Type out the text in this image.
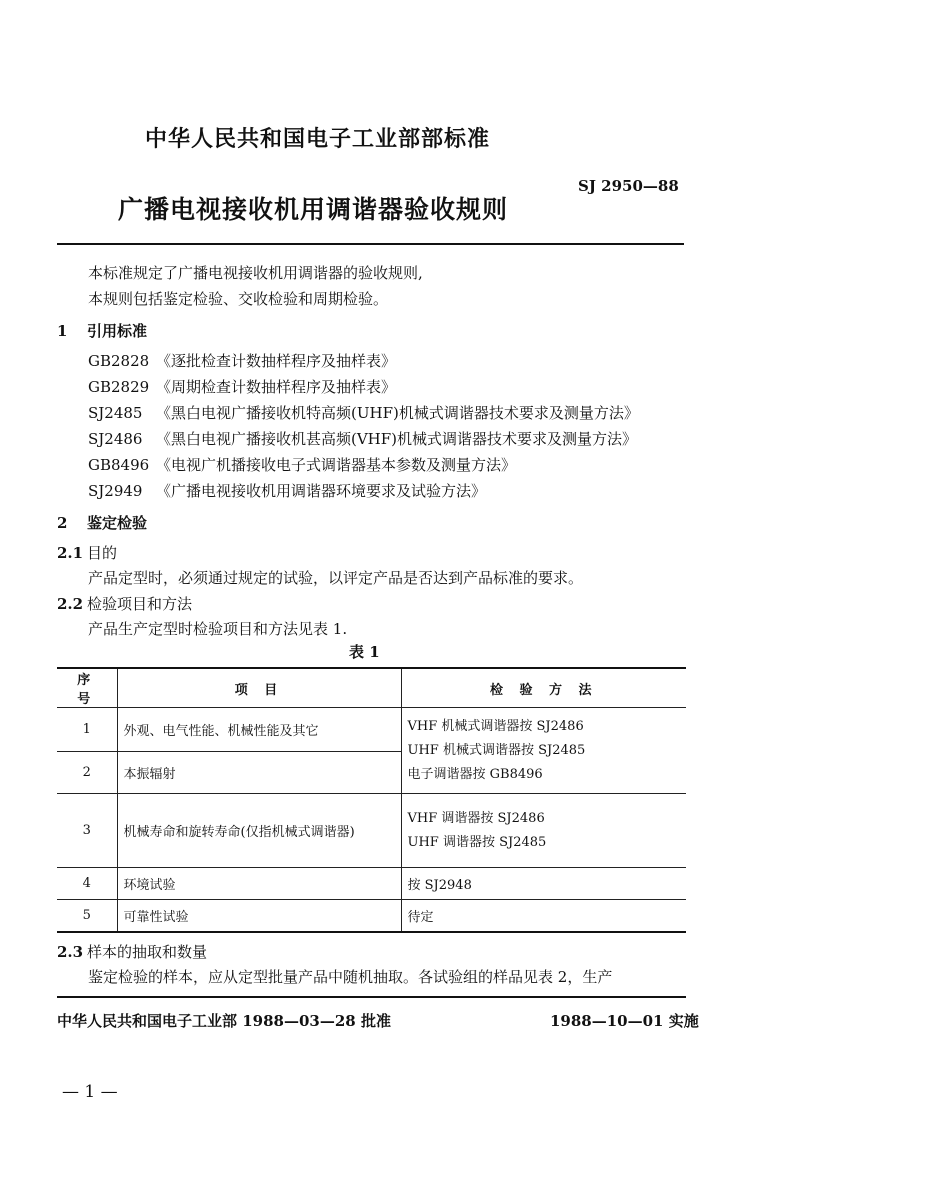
中华人民共和国电子工业部部标准
SJ 2950—88
广播电视接收机用调谐器验收规则
本标准规定了广播电视接收机用调谐器的验收规则,
本规则包括鉴定检验、交收检验和周期检验。
1 引用标准
GB2828 《逐批检查计数抽样程序及抽样表》
GB2829 《周期检查计数抽样程序及抽样表》
SJ2485 《黑白电视广播接收机特高频(UHF)机械式调谐器技术要求及测量方法》
SJ2486 《黑白电视广播接收机甚高频(VHF)机械式调谐器技术要求及测量方法》
GB8496 《电视广机播接收电子式调谐器基本参数及测量方法》
SJ2949 《广播电视接收机用调谐器环境要求及试验方法》
2 鉴定检验
2.1 目的
产品定型时，必须通过规定的试验，以评定产品是否达到产品标准的要求。
2.2 检验项目和方法
产品生产定型时检验项目和方法见表 1.
表 1
序 号	项 目	检 验 方 法
1	外观、电气性能、机械性能及其它	VHF 机械式调谐器按 SJ2486
UHF 机械式调谐器按 SJ2485
电子调谐器按 GB8496

2	本振辐射	
3	机械寿命和旋转寿命(仅指机械式调谐器)	VHF 调谐器按 SJ2486
UHF 调谐器按 SJ2485

4	环境试验	按 SJ2948
5	可靠性试验	待定
2.3 样本的抽取和数量
鉴定检验的样本，应从定型批量产品中随机抽取。各试验组的样品见表 2，生产
中华人民共和国电子工业部 1988—03—28 批准	1988—10—01 实施
— 1 —
